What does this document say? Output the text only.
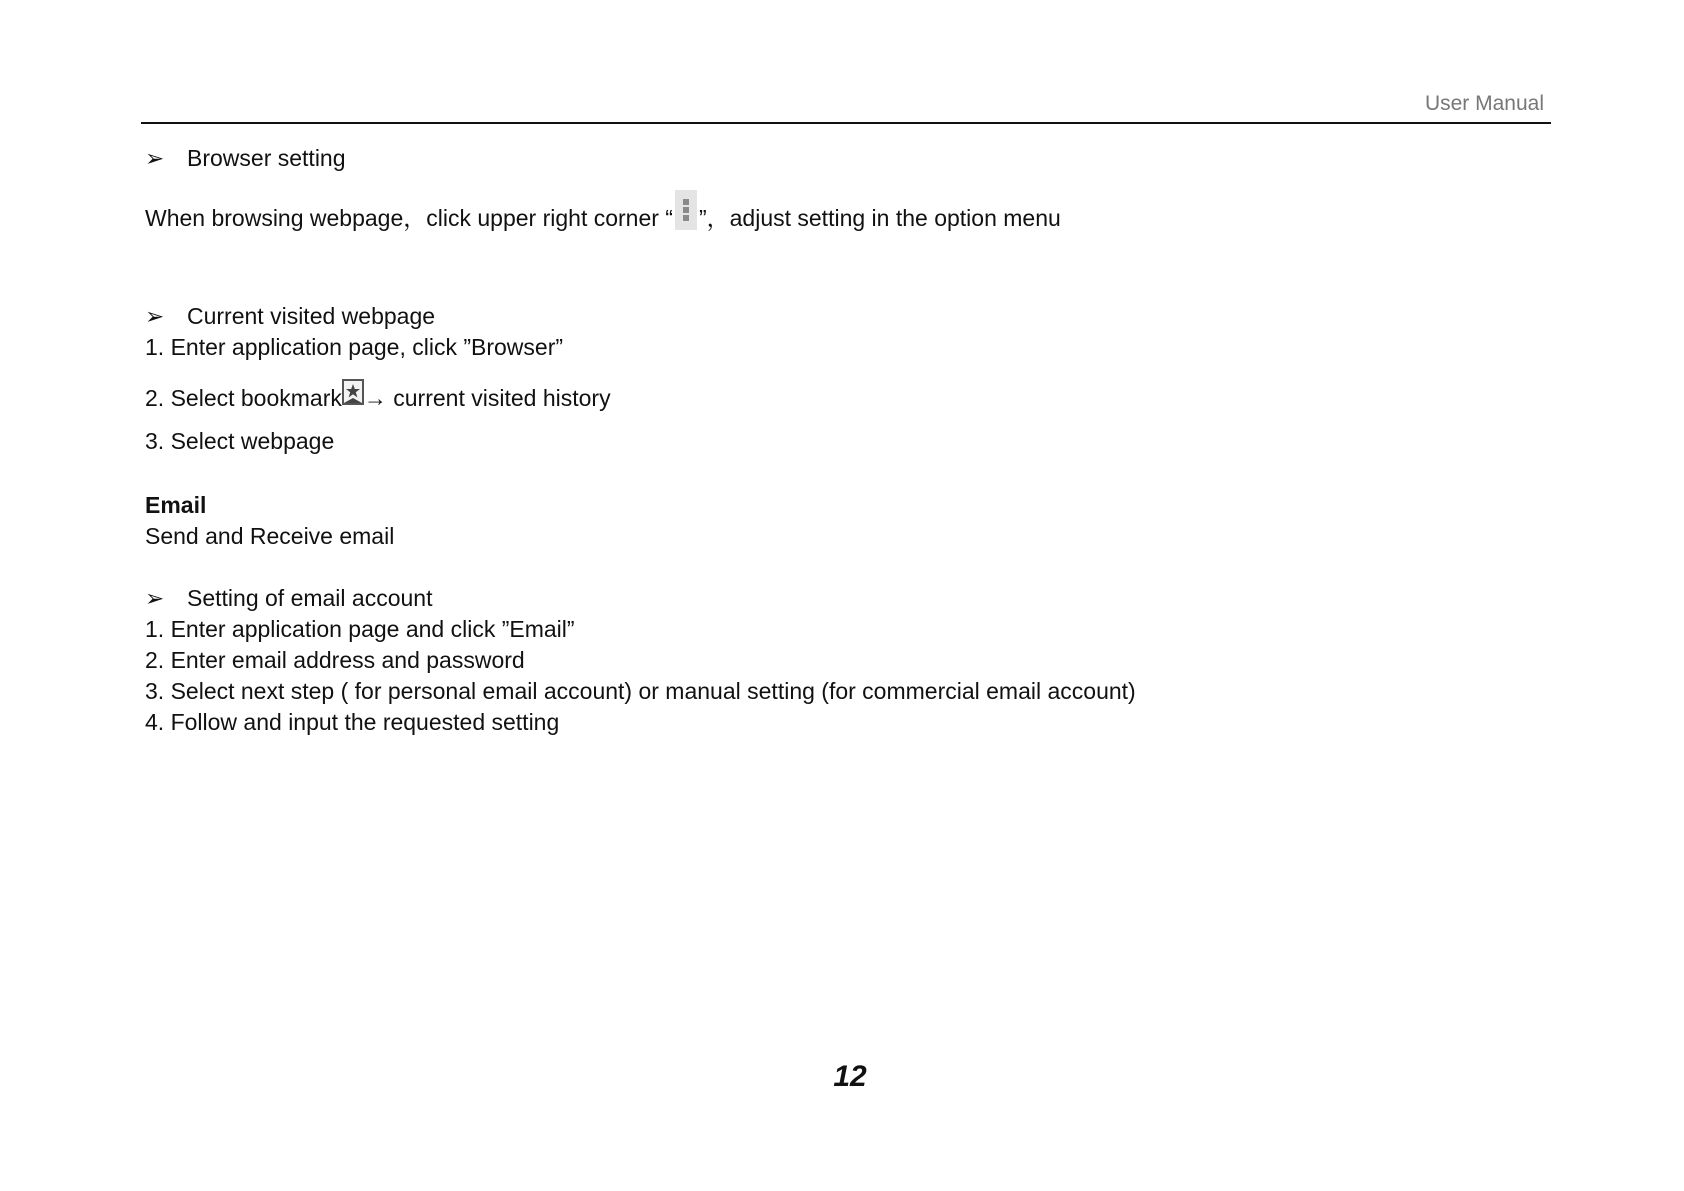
User Manual
➢ Browser setting
When browsing webpage，click upper right corner “ ”，adjust setting in the option menu
➢ Current visited webpage
1. Enter application page, click ”Browser”
2. Select bookmark → current visited history
3. Select webpage
Email
Send and Receive email
➢ Setting of email account
1. Enter application page and click ”Email”
2. Enter email address and password
3. Select next step ( for personal email account) or manual setting (for commercial email account)
4. Follow and input the requested setting
12
